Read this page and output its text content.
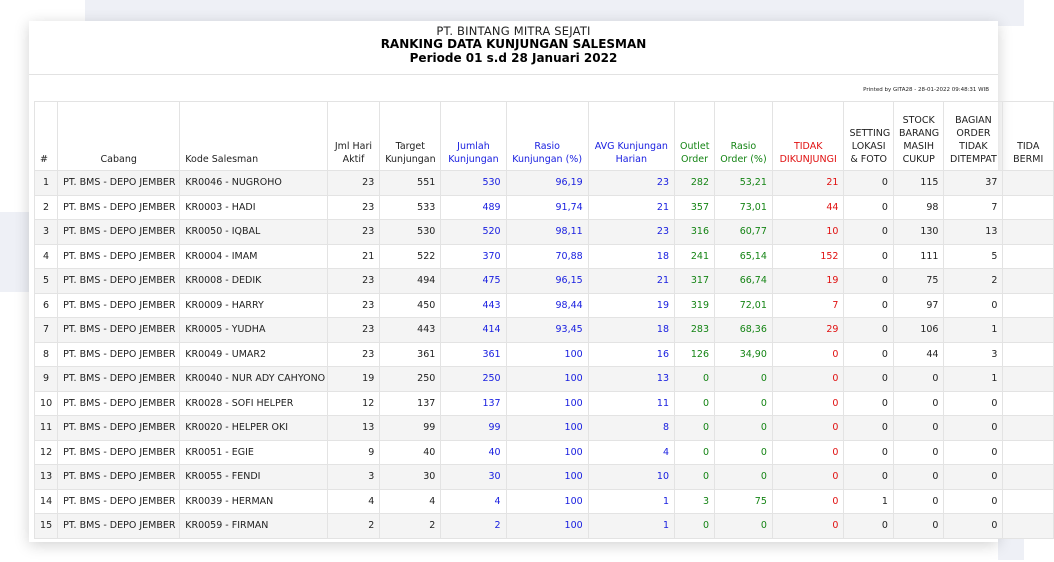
PT. BINTANG MITRA SEJATI
RANKING DATA KUNJUNGAN SALESMAN
Periode 01 s.d 28 Januari 2022
Printed by GITA28 - 28-01-2022 09:48:31 WIB
#	Cabang	Kode Salesman	Jml Hari Aktif	Target Kunjungan	Jumlah Kunjungan	Rasio Kunjungan (%)	AVG Kunjungan Harian	Outlet Order	Rasio Order (%)	TIDAK DIKUNJUNGI	SETTING LOKASI & FOTO	STOCK BARANG MASIH CUKUP	BAGIAN ORDER TIDAK DITEMPAT	TIDA BERMI
1	PT. BMS - DEPO JEMBER	KR0046 - NUGROHO	23	551	530	96,19	23	282	53,21	21	0	115	37	
2	PT. BMS - DEPO JEMBER	KR0003 - HADI	23	533	489	91,74	21	357	73,01	44	0	98	7	
3	PT. BMS - DEPO JEMBER	KR0050 - IQBAL	23	530	520	98,11	23	316	60,77	10	0	130	13	
4	PT. BMS - DEPO JEMBER	KR0004 - IMAM	21	522	370	70,88	18	241	65,14	152	0	111	5	
5	PT. BMS - DEPO JEMBER	KR0008 - DEDIK	23	494	475	96,15	21	317	66,74	19	0	75	2	
6	PT. BMS - DEPO JEMBER	KR0009 - HARRY	23	450	443	98,44	19	319	72,01	7	0	97	0	
7	PT. BMS - DEPO JEMBER	KR0005 - YUDHA	23	443	414	93,45	18	283	68,36	29	0	106	1	
8	PT. BMS - DEPO JEMBER	KR0049 - UMAR2	23	361	361	100	16	126	34,90	0	0	44	3	
9	PT. BMS - DEPO JEMBER	KR0040 - NUR ADY CAHYONO	19	250	250	100	13	0	0	0	0	0	1	
10	PT. BMS - DEPO JEMBER	KR0028 - SOFI HELPER	12	137	137	100	11	0	0	0	0	0	0	
11	PT. BMS - DEPO JEMBER	KR0020 - HELPER OKI	13	99	99	100	8	0	0	0	0	0	0	
12	PT. BMS - DEPO JEMBER	KR0051 - EGIE	9	40	40	100	4	0	0	0	0	0	0	
13	PT. BMS - DEPO JEMBER	KR0055 - FENDI	3	30	30	100	10	0	0	0	0	0	0	
14	PT. BMS - DEPO JEMBER	KR0039 - HERMAN	4	4	4	100	1	3	75	0	1	0	0	
15	PT. BMS - DEPO JEMBER	KR0059 - FIRMAN	2	2	2	100	1	0	0	0	0	0	0	
